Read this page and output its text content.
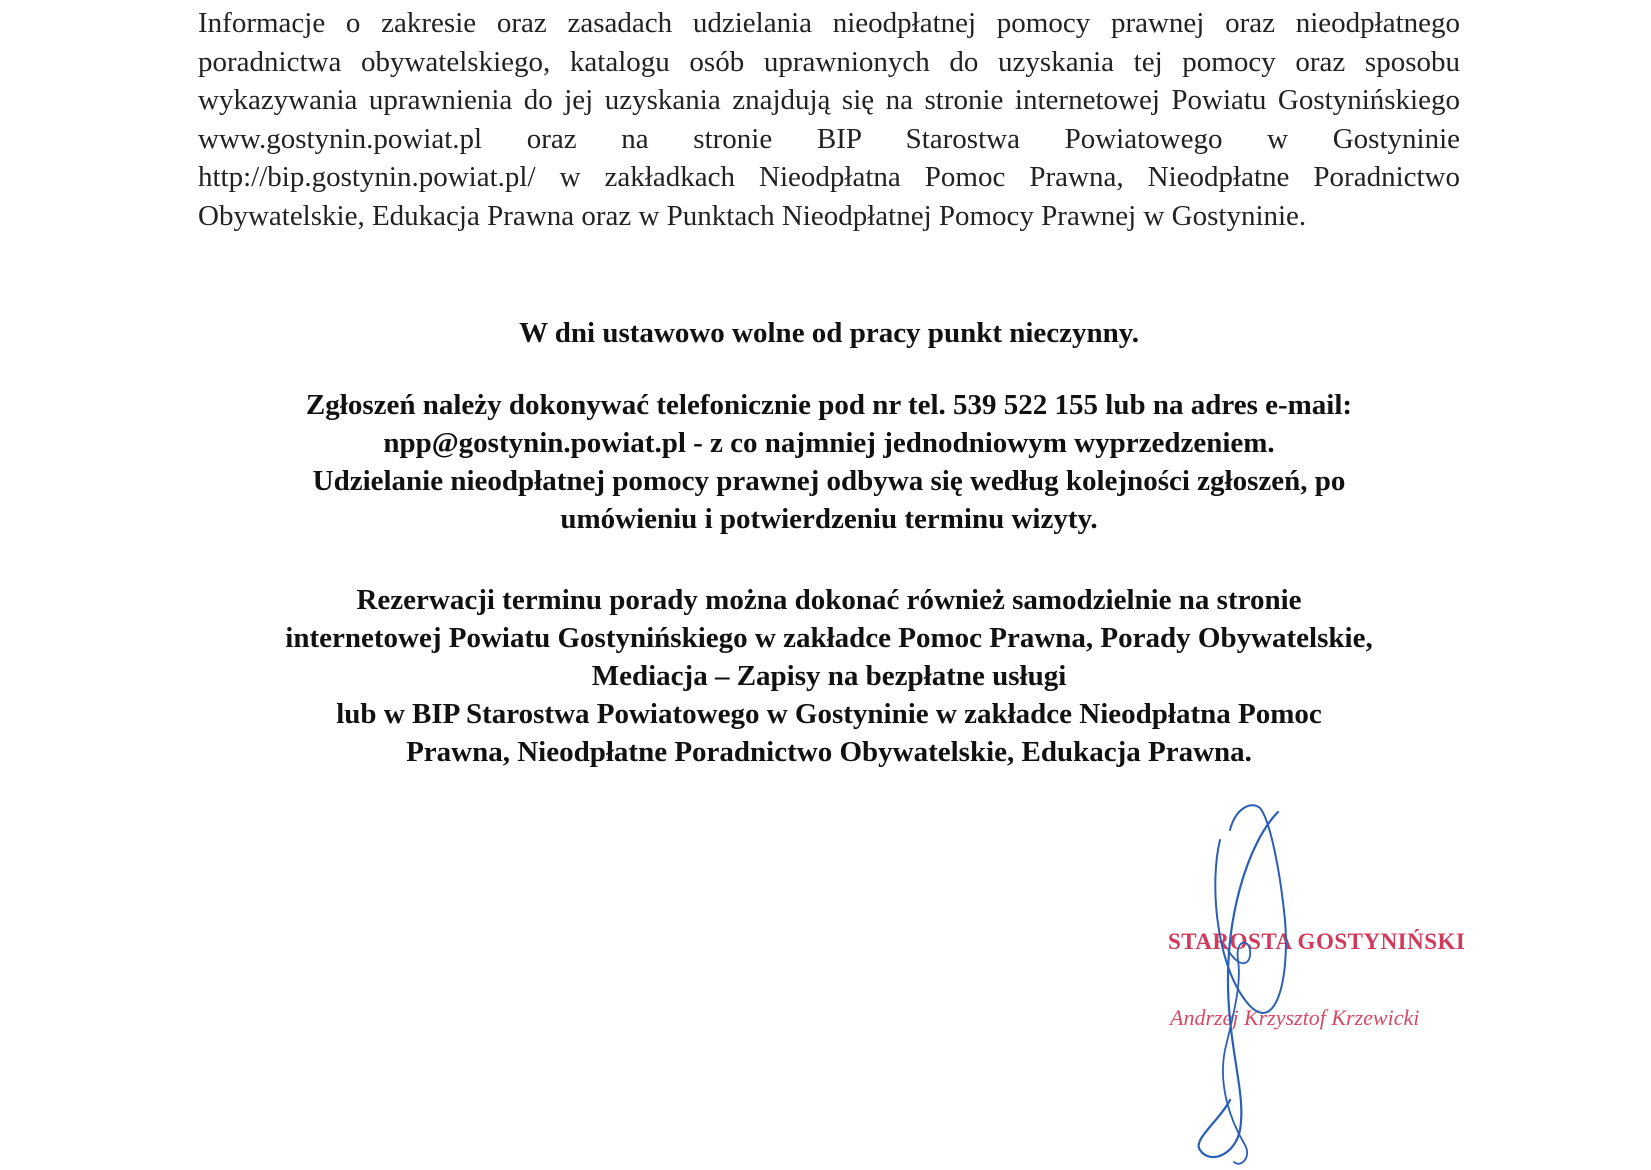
Informacje o zakresie oraz zasadach udzielania nieodpłatnej pomocy prawnej oraz nieodpłatnego poradnictwa obywatelskiego, katalogu osób uprawnionych do uzyskania tej pomocy oraz sposobu wykazywania uprawnienia do jej uzyskania znajdują się na stronie internetowej Powiatu Gostynińskiego www.gostynin.powiat.pl oraz na stronie BIP Starostwa Powiatowego w Gostyninie http://bip.gostynin.powiat.pl/ w zakładkach Nieodpłatna Pomoc Prawna, Nieodpłatne Poradnictwo Obywatelskie, Edukacja Prawna oraz w Punktach Nieodpłatnej Pomocy Prawnej w Gostyninie.

W dni ustawowo wolne od pracy punkt nieczynny.
Zgłoszeń należy dokonywać telefonicznie pod nr tel. 539 522 155 lub na adres e-mail:
npp@gostynin.powiat.pl - z co najmniej jednodniowym wyprzedzeniem.
Udzielanie nieodpłatnej pomocy prawnej odbywa się według kolejności zgłoszeń, po
umówieniu i potwierdzeniu terminu wizyty.
Rezerwacji terminu porady można dokonać również samodzielnie na stronie
internetowej Powiatu Gostynińskiego w zakładce Pomoc Prawna, Porady Obywatelskie,
Mediacja – Zapisy na bezpłatne usługi
lub w BIP Starostwa Powiatowego w Gostyninie w zakładce Nieodpłatna Pomoc
Prawna, Nieodpłatne Poradnictwo Obywatelskie, Edukacja Prawna.
STAROSTA GOSTYNIŃSKI
Andrzej Krzysztof Krzewicki
